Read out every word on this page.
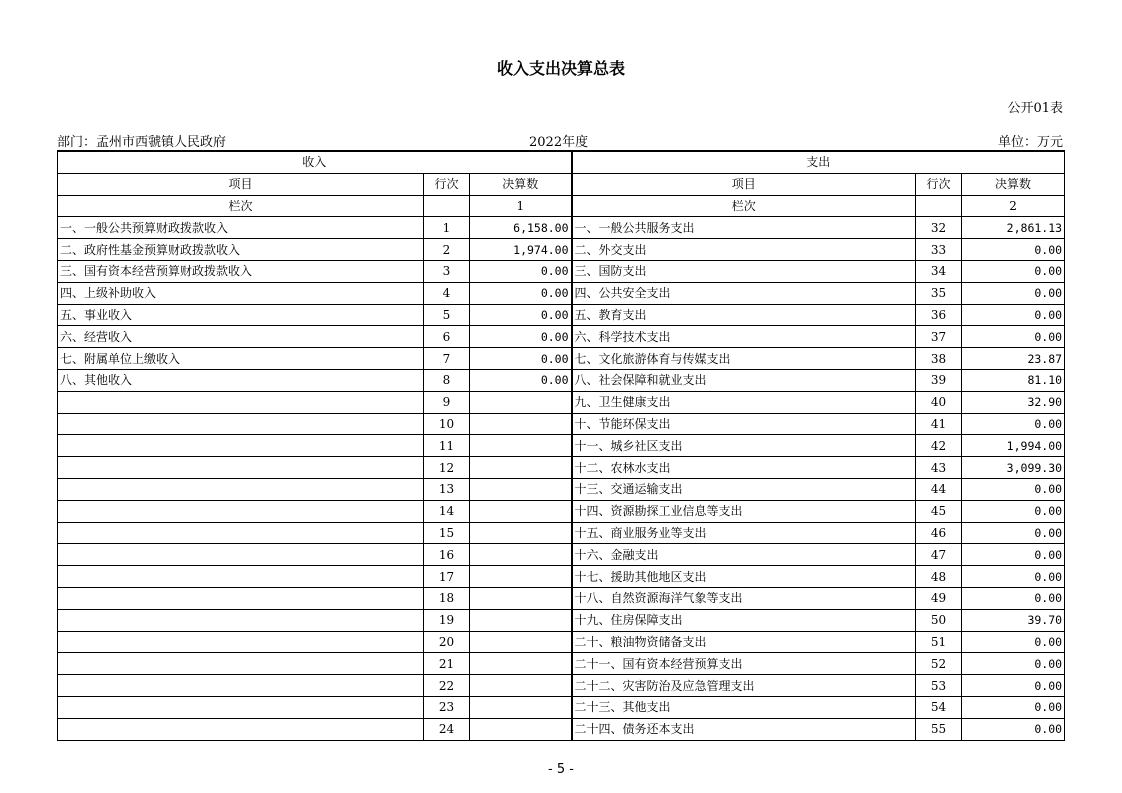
收入支出决算总表
公开01表
部门：孟州市西虢镇人民政府	2022年度	单位：万元
收入			支出		
项目	行次	决算数	项目	行次	决算数
栏次		1	栏次		2
一、一般公共预算财政拨款收入	1	6,158.00	一、一般公共服务支出	32	2,861.13
二、政府性基金预算财政拨款收入	2	1,974.00	二、外交支出	33	0.00
三、国有资本经营预算财政拨款收入	3	0.00	三、国防支出	34	0.00
四、上级补助收入	4	0.00	四、公共安全支出	35	0.00
五、事业收入	5	0.00	五、教育支出	36	0.00
六、经营收入	6	0.00	六、科学技术支出	37	0.00
七、附属单位上缴收入	7	0.00	七、文化旅游体育与传媒支出	38	23.87
八、其他收入	8	0.00	八、社会保障和就业支出	39	81.10
	9		九、卫生健康支出	40	32.90
	10		十、节能环保支出	41	0.00
	11		十一、城乡社区支出	42	1,994.00
	12		十二、农林水支出	43	3,099.30
	13		十三、交通运输支出	44	0.00
	14		十四、资源勘探工业信息等支出	45	0.00
	15		十五、商业服务业等支出	46	0.00
	16		十六、金融支出	47	0.00
	17		十七、援助其他地区支出	48	0.00
	18		十八、自然资源海洋气象等支出	49	0.00
	19		十九、住房保障支出	50	39.70
	20		二十、粮油物资储备支出	51	0.00
	21		二十一、国有资本经营预算支出	52	0.00
	22		二十二、灾害防治及应急管理支出	53	0.00
	23		二十三、其他支出	54	0.00
	24		二十四、债务还本支出	55	0.00
- 5 -
